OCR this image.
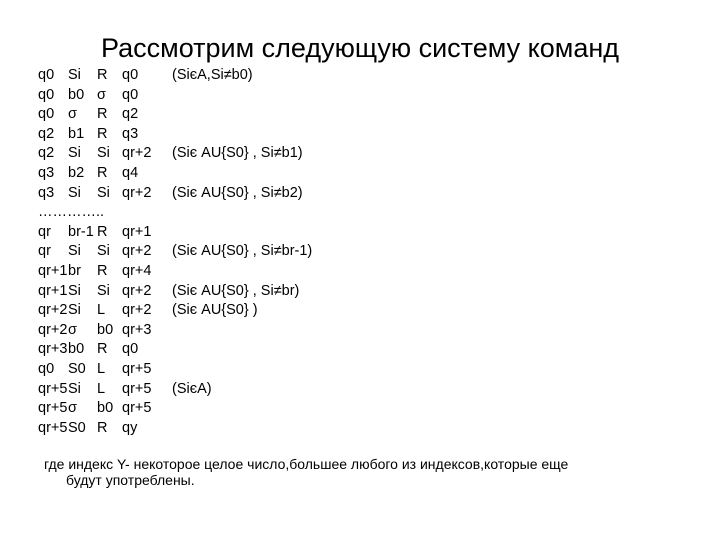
Рассмотрим следующую систему команд
q0 Si R q0 (SiєA,Si≠b0)
q0 b0 σ q0
q0 σ R q2
q2 b1 R q3
q2 Si Si qr+2 (Siє AU{S0} , Si≠b1)
q3 b2 R q4
q3 Si Si qr+2 (Siє AU{S0} , Si≠b2)
…………..
qr br-1 R qr+1
qr Si Si qr+2 (Siє AU{S0} , Si≠br-1)
qr+1 br R qr+4
qr+1 Si Si qr+2 (Siє AU{S0} , Si≠br)
qr+2 Si L qr+2 (Siє AU{S0} )
qr+2 σ b0 qr+3
qr+3 b0 R q0
q0 S0 L qr+5
qr+5 Si L qr+5 (SiєA)
qr+5 σ b0 qr+5
qr+5 S0 R qy
где индекс Y- некоторое целое число,большее любого из индексов,которые еще
будут употреблены.
